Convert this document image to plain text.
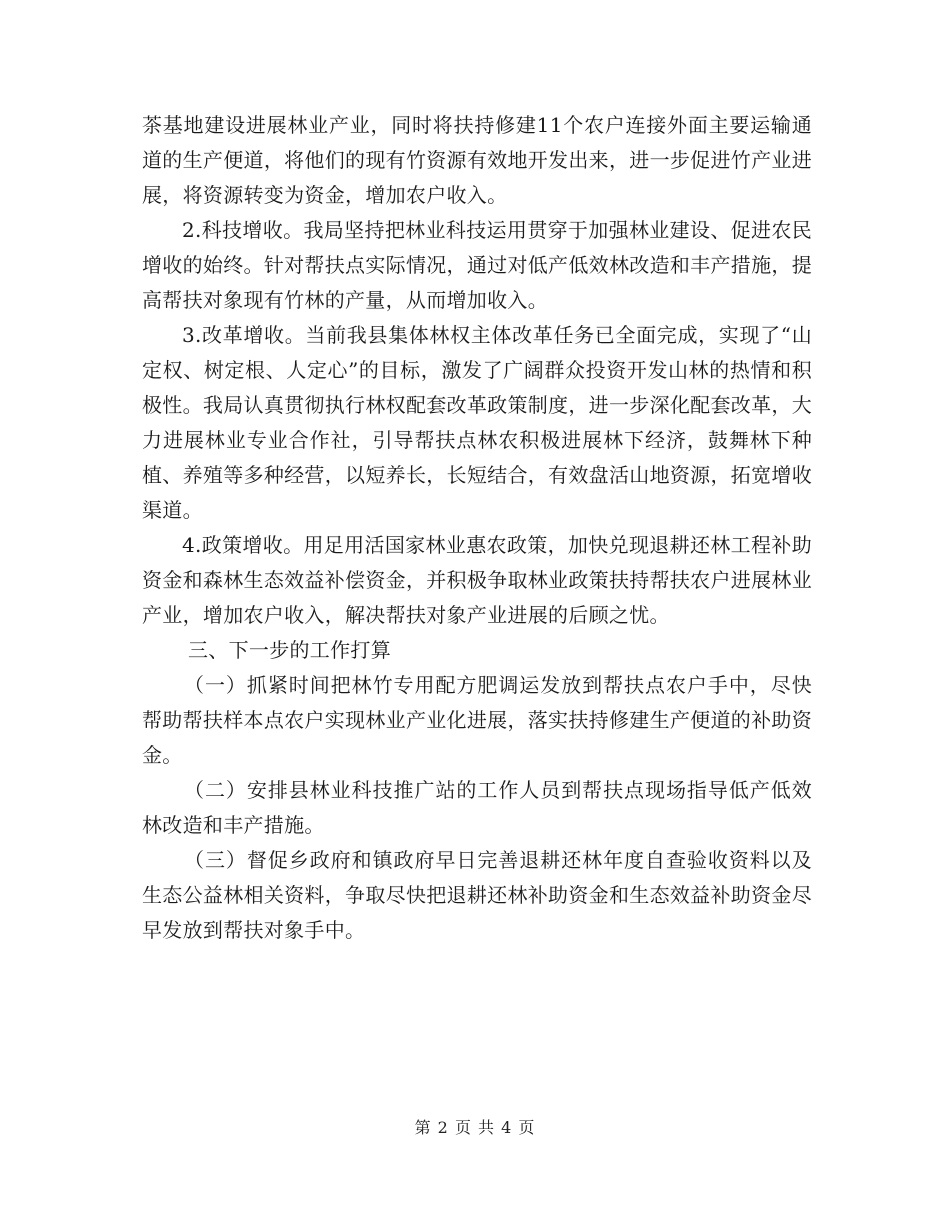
茶基地建设进展林业产业，同时将扶持修建11个农户连接外面主要运输通道的生产便道，将他们的现有竹资源有效地开发出来，进一步促进竹产业进展，将资源转变为资金，增加农户收入。

2.科技增收。我局坚持把林业科技运用贯穿于加强林业建设、促进农民增收的始终。针对帮扶点实际情况，通过对低产低效林改造和丰产措施，提高帮扶对象现有竹林的产量，从而增加收入。

3.改革增收。当前我县集体林权主体改革任务已全面完成，实现了“山定权、树定根、人定心”的目标，激发了广阔群众投资开发山林的热情和积极性。我局认真贯彻执行林权配套改革政策制度，进一步深化配套改革，大力进展林业专业合作社，引导帮扶点林农积极进展林下经济，鼓舞林下种植、养殖等多种经营，以短养长，长短结合，有效盘活山地资源，拓宽增收渠道。

4.政策增收。用足用活国家林业惠农政策，加快兑现退耕还林工程补助资金和森林生态效益补偿资金，并积极争取林业政策扶持帮扶农户进展林业产业，增加农户收入，解决帮扶对象产业进展的后顾之忧。

三、下一步的工作打算

（一）抓紧时间把林竹专用配方肥调运发放到帮扶点农户手中，尽快帮助帮扶样本点农户实现林业产业化进展，落实扶持修建生产便道的补助资金。

（二）安排县林业科技推广站的工作人员到帮扶点现场指导低产低效林改造和丰产措施。

（三）督促乡政府和镇政府早日完善退耕还林年度自查验收资料以及生态公益林相关资料，争取尽快把退耕还林补助资金和生态效益补助资金尽早发放到帮扶对象手中。

第 2 页 共 4 页
